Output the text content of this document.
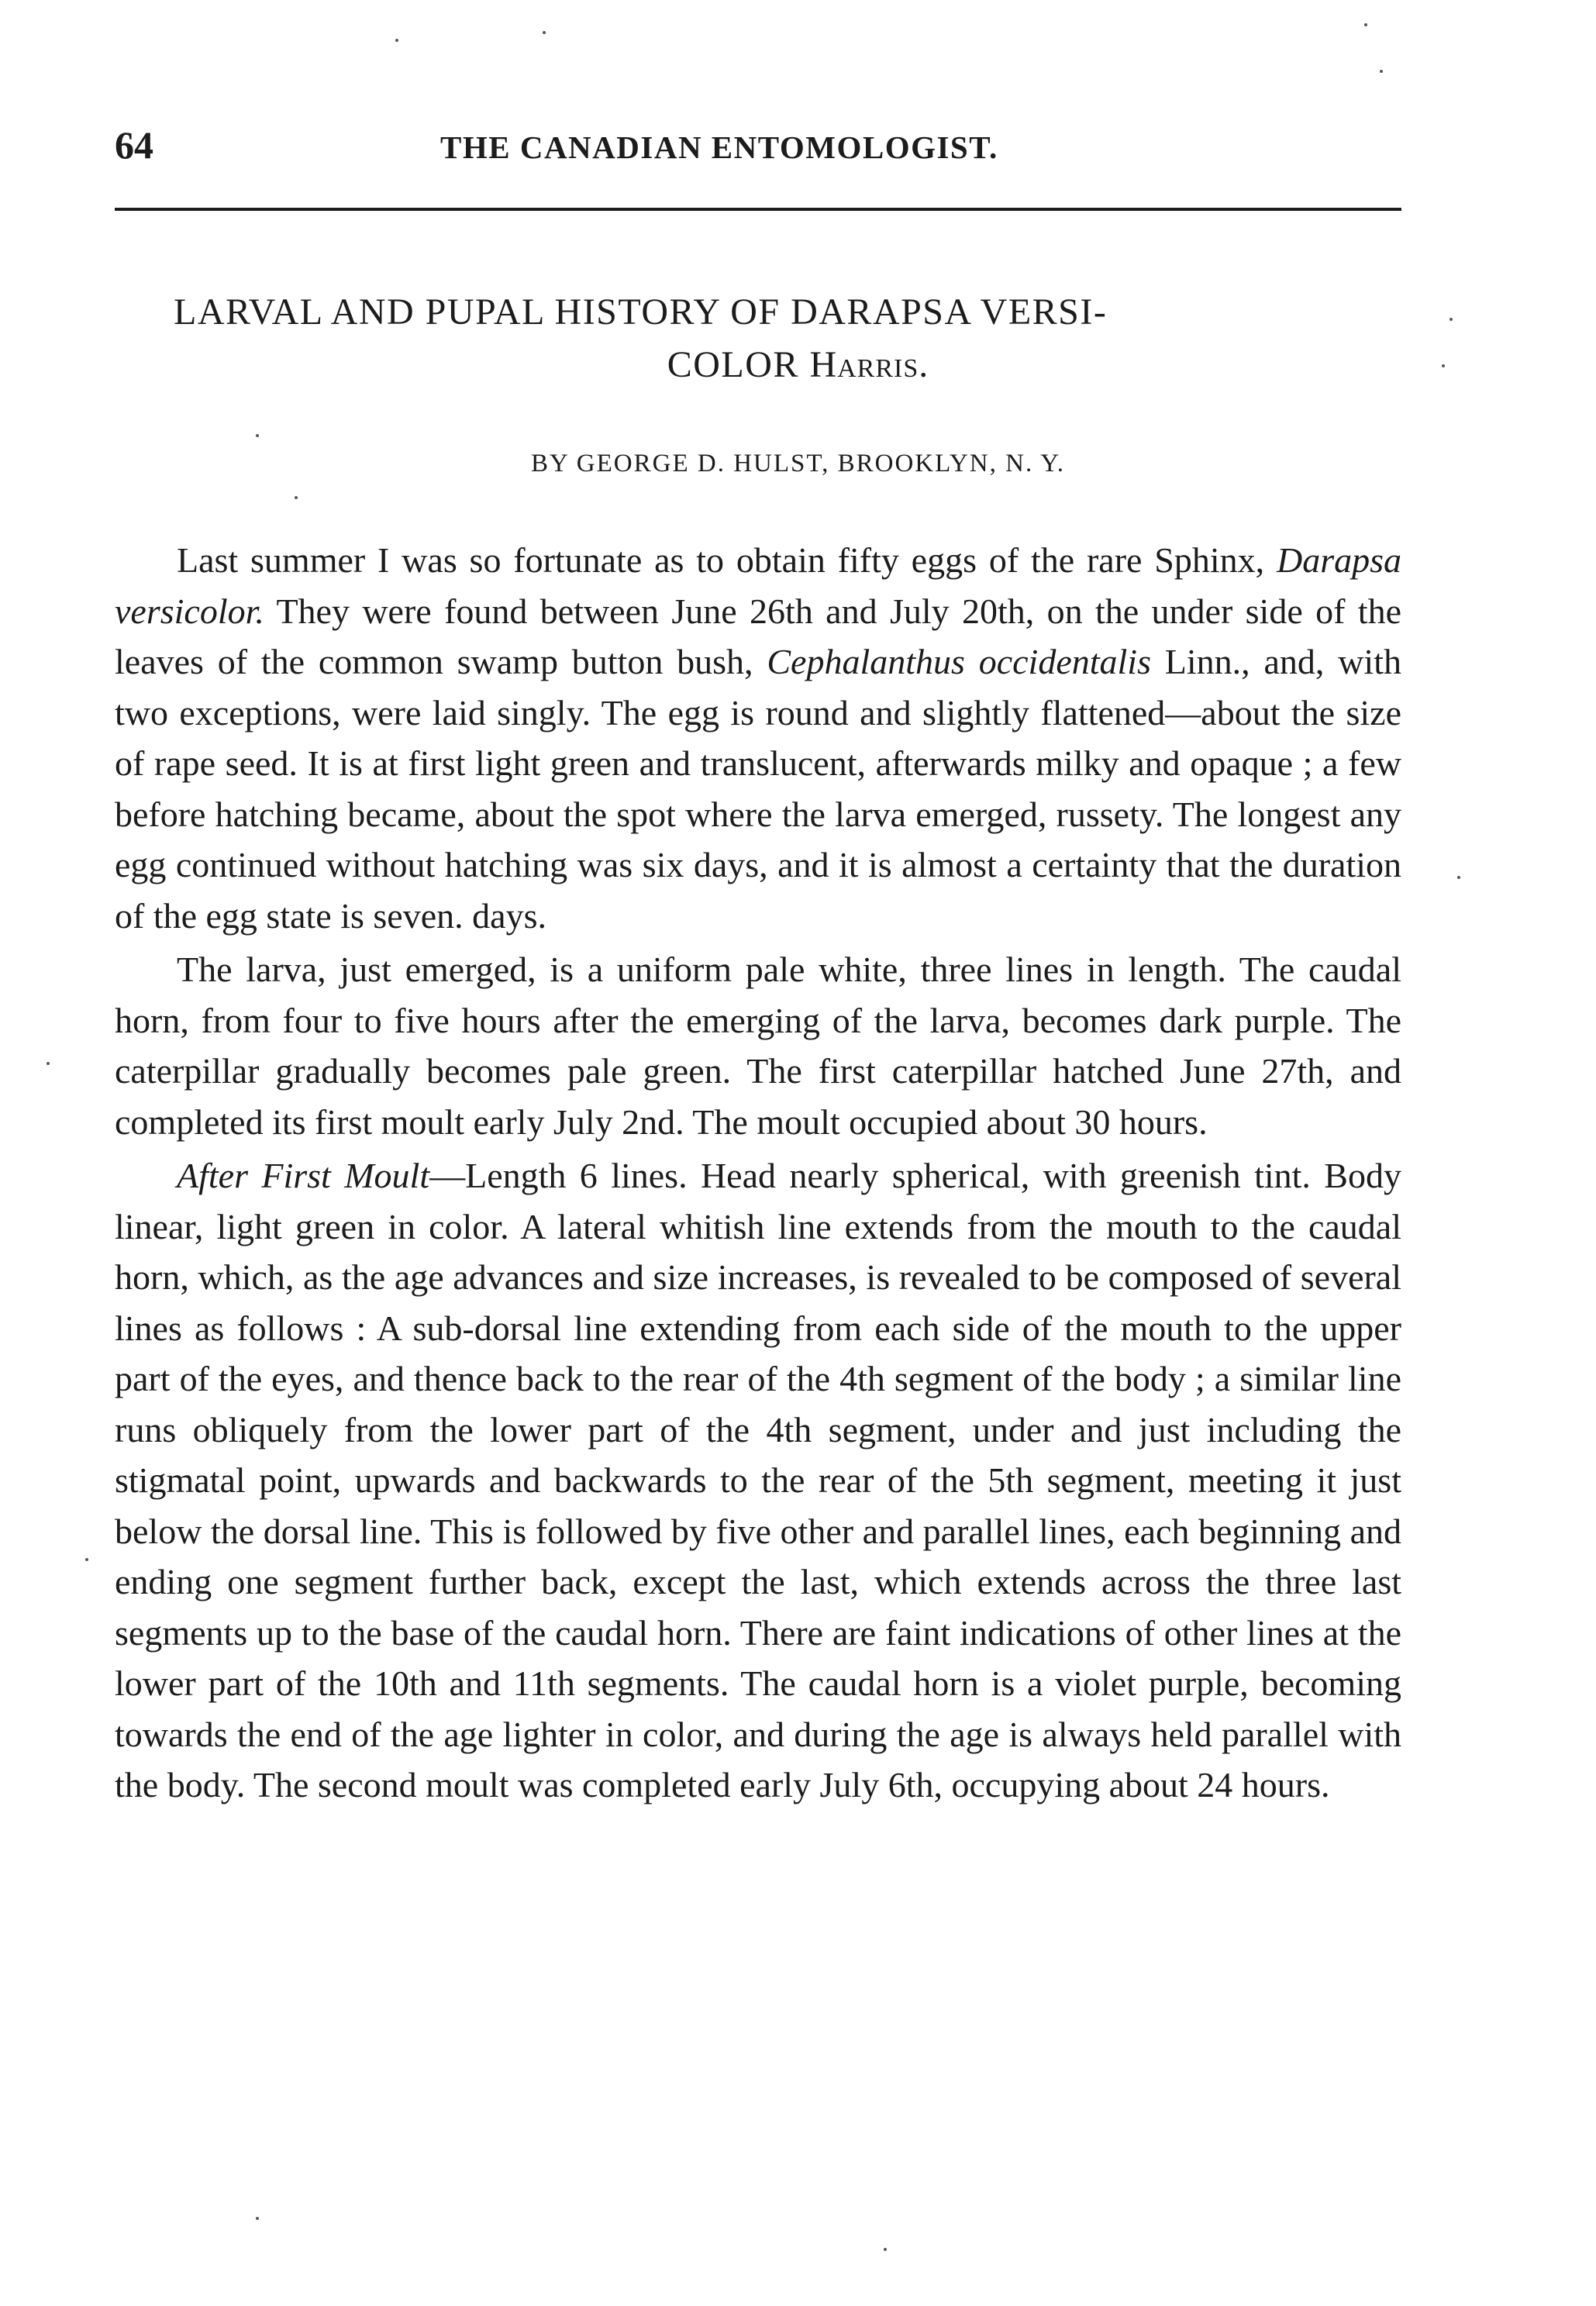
64	THE CANADIAN ENTOMOLOGIST.
LARVAL AND PUPAL HISTORY OF DARAPSA VERSI-
COLOR Harris.
BY GEORGE D. HULST, BROOKLYN, N. Y.

Last summer I was so fortunate as to obtain fifty eggs of the rare Sphinx, Darapsa versicolor. They were found between June 26th and July 20th, on the under side of the leaves of the common swamp button bush, Cephalanthus occidentalis Linn., and, with two exceptions, were laid singly. The egg is round and slightly flattened—about the size of rape seed. It is at first light green and translucent, afterwards milky and opaque ; a few before hatching became, about the spot where the larva emerged, russety. The longest any egg continued without hatching was six days, and it is almost a certainty that the duration of the egg state is seven. days.

The larva, just emerged, is a uniform pale white, three lines in length. The caudal horn, from four to five hours after the emerging of the larva, becomes dark purple. The caterpillar gradually becomes pale green. The first caterpillar hatched June 27th, and completed its first moult early July 2nd. The moult occupied about 30 hours.

After First Moult—Length 6 lines. Head nearly spherical, with greenish tint. Body linear, light green in color. A lateral whitish line extends from the mouth to the caudal horn, which, as the age advances and size increases, is revealed to be composed of several lines as follows : A sub-dorsal line extending from each side of the mouth to the upper part of the eyes, and thence back to the rear of the 4th segment of the body ; a similar line runs obliquely from the lower part of the 4th segment, under and just including the stigmatal point, upwards and backwards to the rear of the 5th segment, meeting it just below the dorsal line. This is followed by five other and parallel lines, each beginning and ending one segment further back, except the last, which extends across the three last segments up to the base of the caudal horn. There are faint indications of other lines at the lower part of the 10th and 11th segments. The caudal horn is a violet purple, becoming towards the end of the age lighter in color, and during the age is always held parallel with the body. The second moult was completed early July 6th, occupying about 24 hours.
